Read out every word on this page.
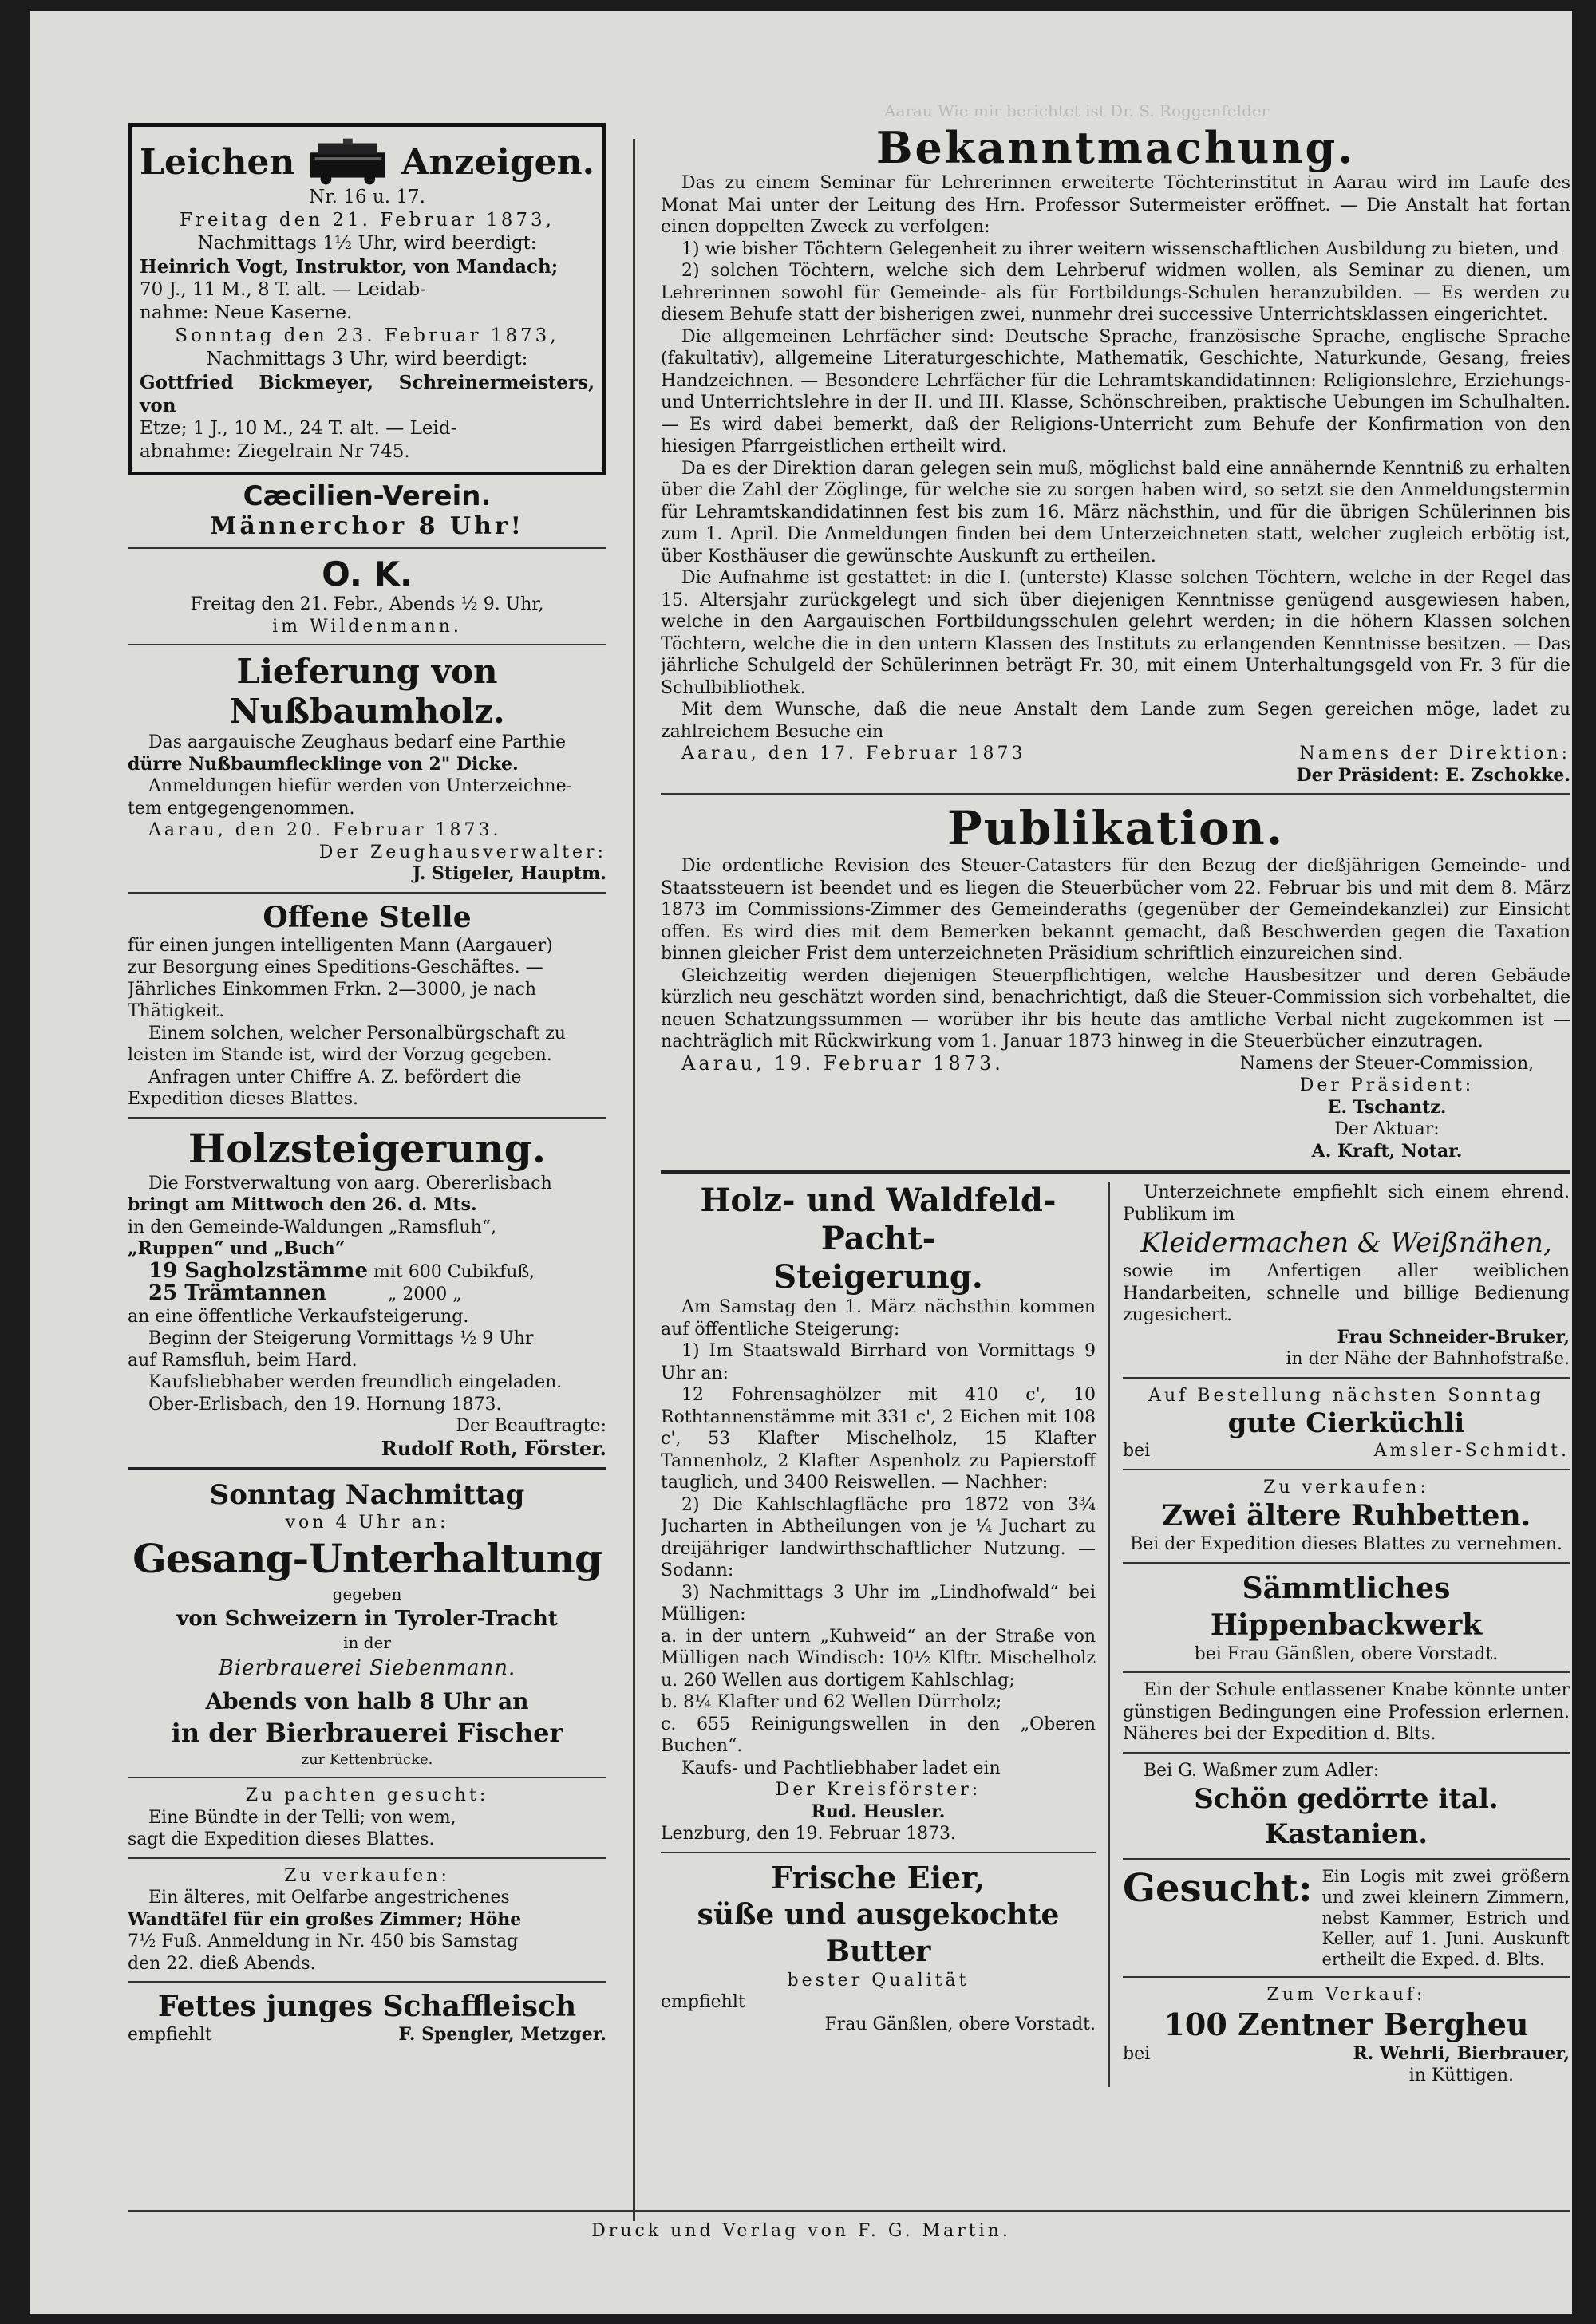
Aarau Wie mir berichtet ist Dr. S. Roggenfelder
Leichen	Anzeigen.

Nr. 16 u. 17.

Freitag den 21. Februar 1873,

Nachmittags 1½ Uhr, wird beerdigt:

Heinrich Vogt, Instruktor, von Mandach;

70 J., 11 M., 8 T. alt. — Leidab-

nahme: Neue Kaserne.

Sonntag den 23. Februar 1873,

Nachmittags 3 Uhr, wird beerdigt:

Gottfried Bickmeyer, Schreinermeisters, von

Etze; 1 J., 10 M., 24 T. alt. — Leid-

abnahme: Ziegelrain Nr 745.

Cæcilien-Verein.

Männerchor 8 Uhr!

O. K.

Freitag den 21. Febr., Abends ½ 9. Uhr,

im Wildenmann.

Lieferung von Nußbaumholz.

Das aargauische Zeughaus bedarf eine Parthie

dürre Nußbaumflecklinge von 2" Dicke.

Anmeldungen hiefür werden von Unterzeichne-

tem entgegengenommen.

Aarau, den 20. Februar 1873.

Der Zeughausverwalter:

J. Stigeler, Hauptm.

Offene Stelle

für einen jungen intelligenten Mann (Aargauer)

zur Besorgung eines Speditions-Geschäftes. —

Jährliches Einkommen Frkn. 2—3000, je nach

Thätigkeit.

Einem solchen, welcher Personalbürgschaft zu

leisten im Stande ist, wird der Vorzug gegeben.

Anfragen unter Chiffre A. Z. befördert die

Expedition dieses Blattes.

Holzsteigerung.

Die Forstverwaltung von aarg. Obererlisbach

bringt am Mittwoch den 26. d. Mts.

in den Gemeinde-Waldungen „Ramsfluh“,

„Ruppen“ und „Buch“

19 Sagholzstämme mit 600 Cubikfuß,

25 Trämtannen	„ 2000 „

an eine öffentliche Verkaufsteigerung.

Beginn der Steigerung Vormittags ½ 9 Uhr

auf Ramsfluh, beim Hard.

Kaufsliebhaber werden freundlich eingeladen.

Ober-Erlisbach, den 19. Hornung 1873.

Der Beauftragte:

Rudolf Roth, Förster.

Sonntag Nachmittag

von 4 Uhr an:

Gesang-Unterhaltung

gegeben

von Schweizern in Tyroler-Tracht

in der

Bierbrauerei Siebenmann.

Abends von halb 8 Uhr an

in der Bierbrauerei Fischer

zur Kettenbrücke.

Zu pachten gesucht:

Eine Bündte in der Telli; von wem,

sagt die Expedition dieses Blattes.

Zu verkaufen:

Ein älteres, mit Oelfarbe angestrichenes

Wandtäfel für ein großes Zimmer; Höhe

7½ Fuß. Anmeldung in Nr. 450 bis Samstag

den 22. dieß Abends.

Fettes junges Schaffleisch

empfiehlt	F. Spengler, Metzger.

Bekanntmachung.

Das zu einem Seminar für Lehrerinnen erweiterte Töchterinstitut in Aarau wird im Laufe des Monat Mai unter der Leitung des Hrn. Professor Sutermeister eröffnet. — Die Anstalt hat fortan einen doppelten Zweck zu verfolgen:

1) wie bisher Töchtern Gelegenheit zu ihrer weitern wissenschaftlichen Ausbildung zu bieten, und

2) solchen Töchtern, welche sich dem Lehrberuf widmen wollen, als Seminar zu dienen, um Lehrerinnen sowohl für Gemeinde- als für Fortbildungs-Schulen heranzubilden. — Es werden zu diesem Behufe statt der bisherigen zwei, nunmehr drei successive Unterrichtsklassen eingerichtet.

Die allgemeinen Lehrfächer sind: Deutsche Sprache, französische Sprache, englische Sprache (fakultativ), allgemeine Literaturgeschichte, Mathematik, Geschichte, Naturkunde, Gesang, freies Handzeichnen. — Besondere Lehrfächer für die Lehramtskandidatinnen: Religionslehre, Erziehungs- und Unterrichtslehre in der II. und III. Klasse, Schönschreiben, praktische Uebungen im Schulhalten. — Es wird dabei bemerkt, daß der Religions-Unterricht zum Behufe der Konfirmation von den hiesigen Pfarrgeistlichen ertheilt wird.

Da es der Direktion daran gelegen sein muß, möglichst bald eine annähernde Kenntniß zu erhalten über die Zahl der Zöglinge, für welche sie zu sorgen haben wird, so setzt sie den Anmeldungstermin für Lehramtskandidatinnen fest bis zum 16. März nächsthin, und für die übrigen Schülerinnen bis zum 1. April. Die Anmeldungen finden bei dem Unterzeichneten statt, welcher zugleich erbötig ist, über Kosthäuser die gewünschte Auskunft zu ertheilen.

Die Aufnahme ist gestattet: in die I. (unterste) Klasse solchen Töchtern, welche in der Regel das 15. Altersjahr zurückgelegt und sich über diejenigen Kenntnisse genügend ausgewiesen haben, welche in den Aargauischen Fortbildungsschulen gelehrt werden; in die höhern Klassen solchen Töchtern, welche die in den untern Klassen des Instituts zu erlangenden Kenntnisse besitzen. — Das jährliche Schulgeld der Schülerinnen beträgt Fr. 30, mit einem Unterhaltungsgeld von Fr. 3 für die Schulbibliothek.

Mit dem Wunsche, daß die neue Anstalt dem Lande zum Segen gereichen möge, ladet zu zahlreichem Besuche ein

Aarau, den 17. Februar 1873	Namens der Direktion:

Der Präsident: E. Zschokke.

Publikation.

Die ordentliche Revision des Steuer-Catasters für den Bezug der dießjährigen Gemeinde- und Staatssteuern ist beendet und es liegen die Steuerbücher vom 22. Februar bis und mit dem 8. März 1873 im Commissions-Zimmer des Gemeinderaths (gegenüber der Gemeindekanzlei) zur Einsicht offen. Es wird dies mit dem Bemerken bekannt gemacht, daß Beschwerden gegen die Taxation binnen gleicher Frist dem unterzeichneten Präsidium schriftlich einzureichen sind.

Gleichzeitig werden diejenigen Steuerpflichtigen, welche Hausbesitzer und deren Gebäude kürzlich neu geschätzt worden sind, benachrichtigt, daß die Steuer-Commission sich vorbehaltet, die neuen Schatzungssummen — worüber ihr bis heute das amtliche Verbal nicht zugekommen ist — nachträglich mit Rückwirkung vom 1. Januar 1873 hinweg in die Steuerbücher einzutragen.

Aarau, 19. Februar 1873.	Namens der Steuer-Commission,

Der Präsident:

E. Tschantz.

Der Aktuar:

A. Kraft, Notar.

Holz- und Waldfeld-Pacht-

Steigerung.

Am Samstag den 1. März nächsthin kommen auf öffentliche Steigerung:

1) Im Staatswald Birrhard von Vormittags 9 Uhr an:

12 Fohrensaghölzer mit 410 c', 10 Rothtannenstämme mit 331 c', 2 Eichen mit 108 c', 53 Klafter Mischelholz, 15 Klafter Tannenholz, 2 Klafter Aspenholz zu Papierstoff tauglich, und 3400 Reiswellen. — Nachher:

2) Die Kahlschlagfläche pro 1872 von 3¾ Jucharten in Abtheilungen von je ¼ Juchart zu dreijähriger landwirthschaftlicher Nutzung. — Sodann:

3) Nachmittags 3 Uhr im „Lindhofwald“ bei Mülligen:

a. in der untern „Kuhweid“ an der Straße von Mülligen nach Windisch: 10½ Klftr. Mischelholz u. 260 Wellen aus dortigem Kahlschlag;

b. 8¼ Klafter und 62 Wellen Dürrholz;

c. 655 Reinigungswellen in den „Oberen Buchen“.

Kaufs- und Pachtliebhaber ladet ein

Der Kreisförster:

Rud. Heusler.

Lenzburg, den 19. Februar 1873.

Frische Eier,

süße und ausgekochte Butter

bester Qualität

empfiehlt

Frau Gänßlen, obere Vorstadt.

Unterzeichnete empfiehlt sich einem ehrend. Publikum im

Kleidermachen & Weißnähen,

sowie im Anfertigen aller weiblichen Handarbeiten, schnelle und billige Bedienung zugesichert.

Frau Schneider-Bruker,

in der Nähe der Bahnhofstraße.

Auf Bestellung nächsten Sonntag

gute Cierküchli

bei	Amsler-Schmidt.

Zu verkaufen:

Zwei ältere Ruhbetten.

Bei der Expedition dieses Blattes zu vernehmen.

Sämmtliches Hippenbackwerk

bei Frau Gänßlen, obere Vorstadt.

Ein der Schule entlassener Knabe könnte unter günstigen Bedingungen eine Profession erlernen. Näheres bei der Expedition d. Blts.

Bei G. Waßmer zum Adler:

Schön gedörrte ital. Kastanien.

Gesucht: Ein Logis mit zwei größern und zwei kleinern Zimmern, nebst Kammer, Estrich und Keller, auf 1. Juni. Auskunft ertheilt die Exped. d. Blts.

Zum Verkauf:

100 Zentner Bergheu

bei	R. Wehrli, Bierbrauer,

in Küttigen.

Druck und Verlag von F. G. Martin.
